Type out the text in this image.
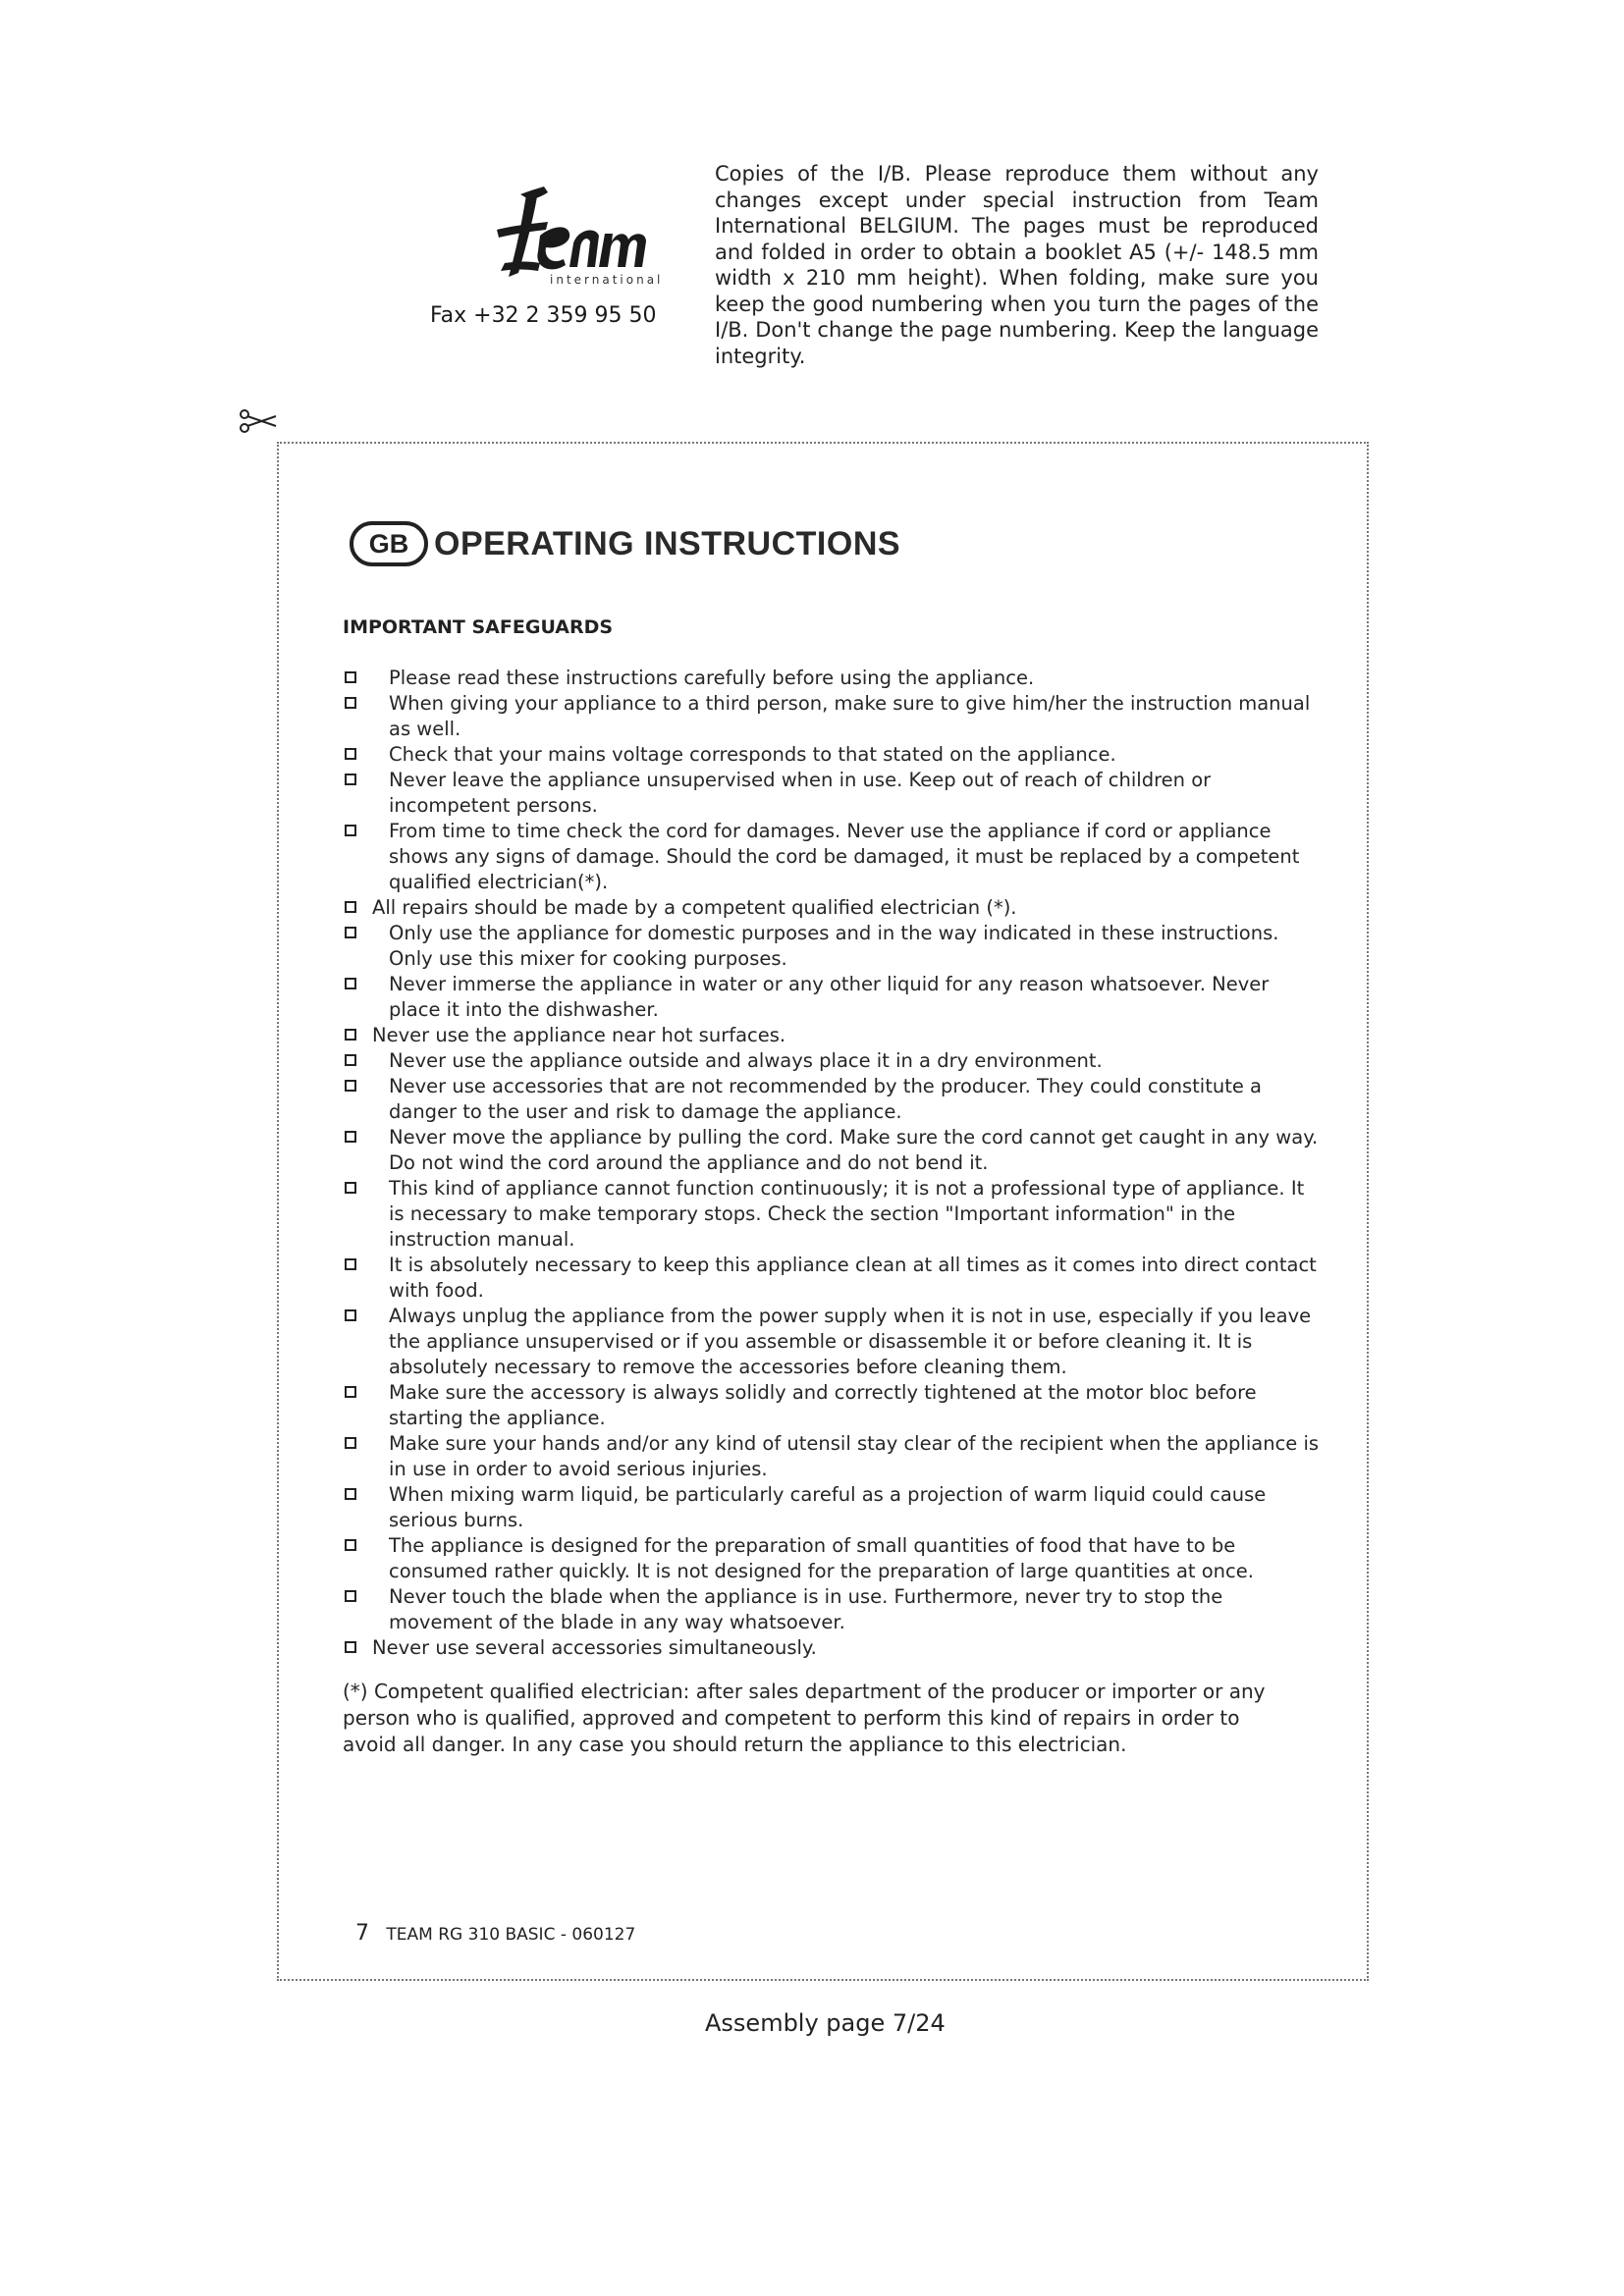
international
Fax +32 2 359 95 50
Copies of the I/B. Please reproduce them without any changes except under special instruction from Team International BELGIUM. The pages must be reproduced and folded in order to obtain a booklet A5 (+/- 148.5 mm width x 210 mm height). When folding, make sure you keep the good numbering when you turn the pages of the I/B. Don't change the page numbering. Keep the language integrity.
GB OPERATING INSTRUCTIONS
IMPORTANT SAFEGUARDS
Please read these instructions carefully before using the appliance.
When giving your appliance to a third person, make sure to give him/her the instruction manual as well.
Check that your mains voltage corresponds to that stated on the appliance.
Never leave the appliance unsupervised when in use. Keep out of reach of children or incompetent persons.
From time to time check the cord for damages. Never use the appliance if cord or appliance shows any signs of damage. Should the cord be damaged, it must be replaced by a competent qualified electrician(*).
All repairs should be made by a competent qualified electrician (*).
Only use the appliance for domestic purposes and in the way indicated in these instructions. Only use this mixer for cooking purposes.
Never immerse the appliance in water or any other liquid for any reason whatsoever. Never place it into the dishwasher.
Never use the appliance near hot surfaces.
Never use the appliance outside and always place it in a dry environment.
Never use accessories that are not recommended by the producer. They could constitute a danger to the user and risk to damage the appliance.
Never move the appliance by pulling the cord. Make sure the cord cannot get caught in any way. Do not wind the cord around the appliance and do not bend it.
This kind of appliance cannot function continuously; it is not a professional type of appliance. It is necessary to make temporary stops. Check the section "Important information" in the instruction manual.
It is absolutely necessary to keep this appliance clean at all times as it comes into direct contact with food.
Always unplug the appliance from the power supply when it is not in use, especially if you leave the appliance unsupervised or if you assemble or disassemble it or before cleaning it. It is absolutely necessary to remove the accessories before cleaning them.
Make sure the accessory is always solidly and correctly tightened at the motor bloc before starting the appliance.
Make sure your hands and/or any kind of utensil stay clear of the recipient when the appliance is in use in order to avoid serious injuries.
When mixing warm liquid, be particularly careful as a projection of warm liquid could cause serious burns.
The appliance is designed for the preparation of small quantities of food that have to be consumed rather quickly. It is not designed for the preparation of large quantities at once.
Never touch the blade when the appliance is in use. Furthermore, never try to stop the movement of the blade in any way whatsoever.
Never use several accessories simultaneously.
(*) Competent qualified electrician: after sales department of the producer or importer or any person who is qualified, approved and competent to perform this kind of repairs in order to avoid all danger. In any case you should return the appliance to this electrician.
7 TEAM RG 310 BASIC - 060127
Assembly page 7/24
